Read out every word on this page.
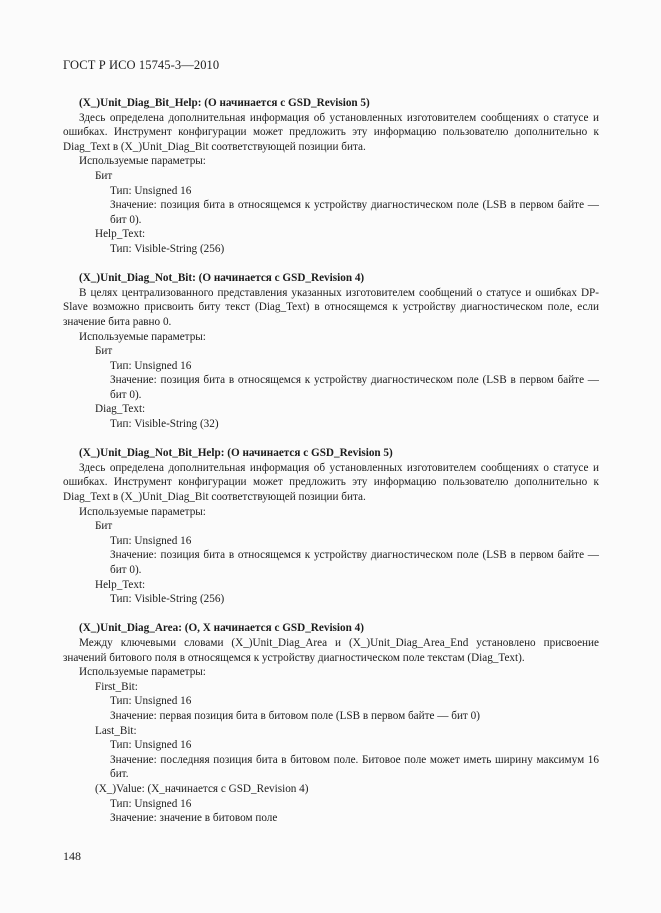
ГОСТ Р ИСО 15745-3—2010
(X_)Unit_Diag_Bit_Help: (O начинается с GSD_Revision 5)
Здесь определена дополнительная информация об установленных изготовителем сообщениях о статусе и ошибках. Инструмент конфигурации может предложить эту информацию пользователю дополнительно к Diag_Text в (X_)Unit_Diag_Bit соответствующей позиции бита.
Используемые параметры:
Бит
Тип: Unsigned 16
Значение: позиция бита в относящемся к устройству диагностическом поле (LSB в первом байте — бит 0).
Help_Text:
Тип: Visible-String (256)
(X_)Unit_Diag_Not_Bit: (O начинается с GSD_Revision 4)
В целях централизованного представления указанных изготовителем сообщений о статусе и ошибках DP-Slave возможно присвоить биту текст (Diag_Text) в относящемся к устройству диагностическом поле, если значение бита равно 0.
Используемые параметры:
Бит
Тип: Unsigned 16
Значение: позиция бита в относящемся к устройству диагностическом поле (LSB в первом байте — бит 0).
Diag_Text:
Тип: Visible-String (32)
(X_)Unit_Diag_Not_Bit_Help: (O начинается с GSD_Revision 5)
Здесь определена дополнительная информация об установленных изготовителем сообщениях о статусе и ошибках. Инструмент конфигурации может предложить эту информацию пользователю дополнительно к Diag_Text в (X_)Unit_Diag_Bit соответствующей позиции бита.
Используемые параметры:
Бит
Тип: Unsigned 16
Значение: позиция бита в относящемся к устройству диагностическом поле (LSB в первом байте — бит 0).
Help_Text:
Тип: Visible-String (256)
(X_)Unit_Diag_Area: (O, X начинается с GSD_Revision 4)
Между ключевыми словами (X_)Unit_Diag_Area и (X_)Unit_Diag_Area_End установлено присвоение значений битового поля в относящемся к устройству диагностическом поле текстам (Diag_Text).
Используемые параметры:
First_Bit:
Тип: Unsigned 16
Значение: первая позиция бита в битовом поле (LSB в первом байте — бит 0)
Last_Bit:
Тип: Unsigned 16
Значение: последняя позиция бита в битовом поле. Битовое поле может иметь ширину максимум 16 бит.
(X_)Value: (X_начинается с GSD_Revision 4)
Тип: Unsigned 16
Значение: значение в битовом поле
148
